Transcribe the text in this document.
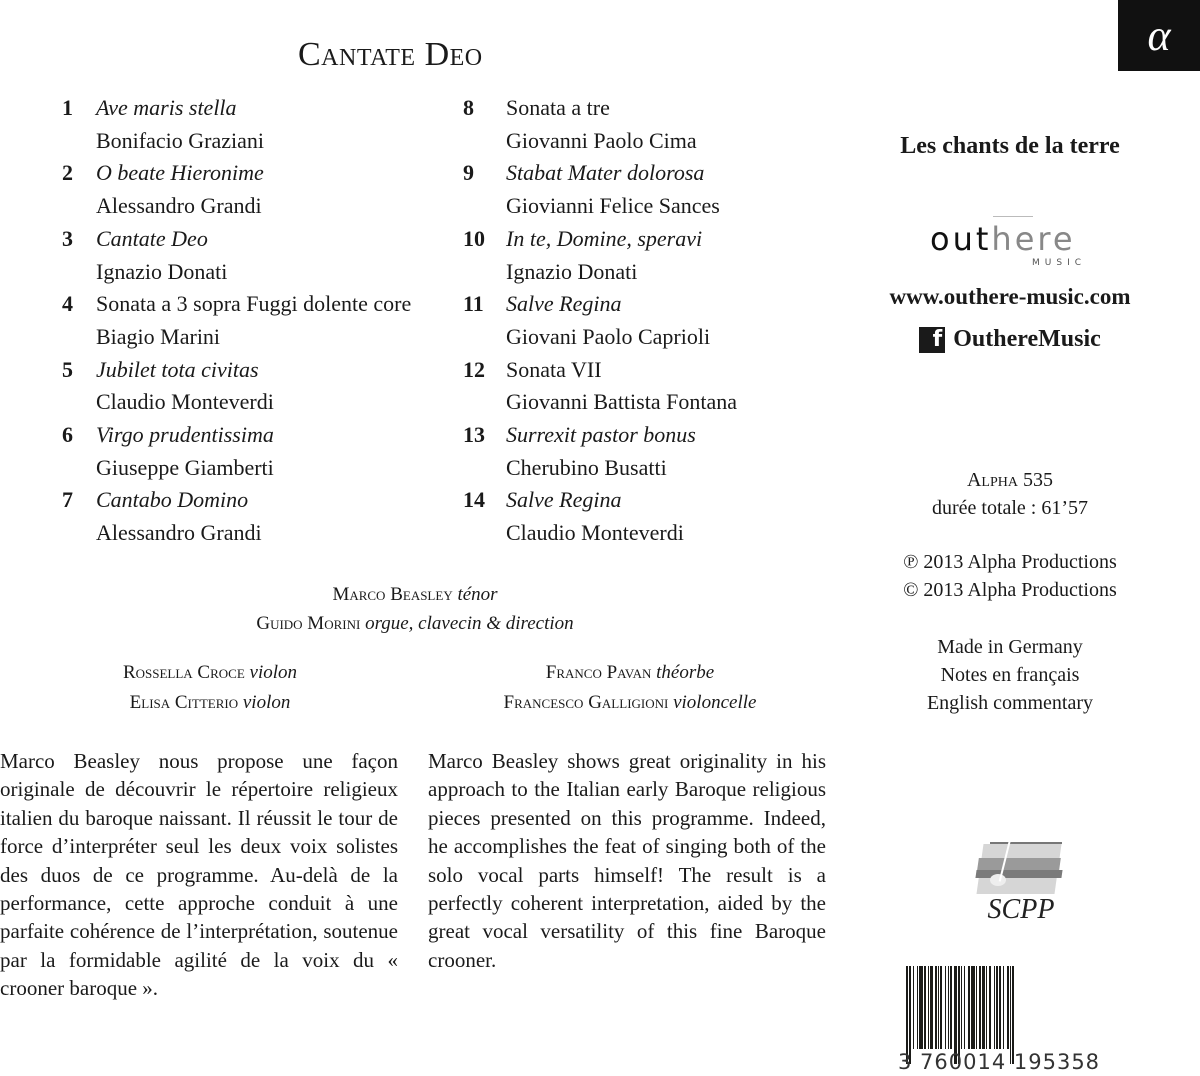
Cantate Deo	α
1 Ave maris stella
Bonifacio Graziani
2 O beate Hieronime
Alessandro Grandi
3 Cantate Deo
Ignazio Donati
4 Sonata a 3 sopra Fuggi dolente core
Biagio Marini
5 Jubilet tota civitas
Claudio Monteverdi
6 Virgo prudentissima
Giuseppe Giamberti
7 Cantabo Domino
Alessandro Grandi
8 Sonata a tre
Giovanni Paolo Cima
9 Stabat Mater dolorosa
Giovianni Felice Sances
10 In te, Domine, speravi
Ignazio Donati
11 Salve Regina
Giovani Paolo Caprioli
12 Sonata VII
Giovanni Battista Fontana
13 Surrexit pastor bonus
Cherubino Busatti
14 Salve Regina
Claudio Monteverdi
Marco Beasley ténor
Guido Morini orgue, clavecin & direction
Rossella Croce violon
Elisa Citterio violon
Franco Pavan théorbe
Francesco Galligioni violoncelle
Marco Beasley nous propose une façon originale de découvrir le répertoire religieux italien du baroque naissant. Il réussit le tour de force d’interpréter seul les deux voix solistes des duos de ce programme. Au-delà de la performance, cette approche conduit à une parfaite cohérence de l’interprétation, soutenue par la formidable agilité de la voix du « crooner baroque ».
Marco Beasley shows great originality in his approach to the Italian early Baroque religious pieces presented on this programme. Indeed, he accomplishes the feat of singing both of the solo vocal parts himself! The result is a perfectly coherent interpretation, aided by the great vocal versatility of this fine Baroque crooner.
Les chants de la terre
outhere
MUSIC
www.outhere-music.com
f OuthereMusic
Alpha 535
durée totale : 61’57
℗ 2013 Alpha Productions
© 2013 Alpha Productions
Made in Germany
Notes en français
English commentary
SCPP
3 760014 195358
